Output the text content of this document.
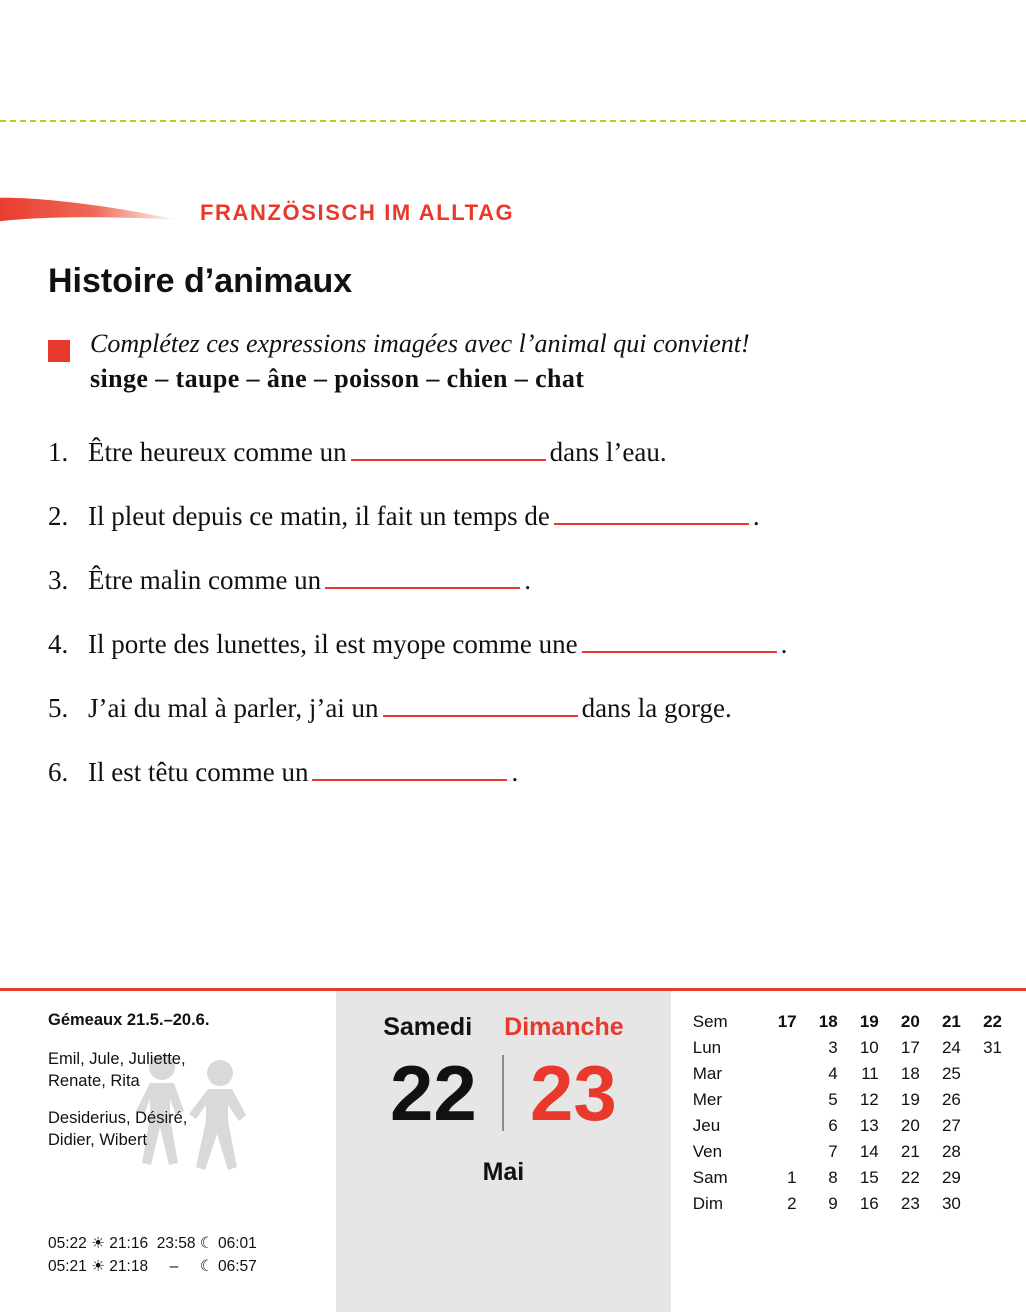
FRANZÖSISCH IM ALLTAG
Histoire d’animaux
Complétez ces expressions imagées avec l’animal qui convient!
singe – taupe – âne – poisson – chien – chat
1. Être heureux comme un	dans l’eau.
2. Il pleut depuis ce matin, il fait un temps de	.
3. Être malin comme un	.
4. Il porte des lunettes, il est myope comme une	.
5. J’ai du mal à parler, j’ai un	dans la gorge.
6. Il est têtu comme un	.
Gémeaux 21.5.–20.6.
Emil, Jule, Juliette,
Renate, Rita
Desiderius, Désiré,
Didier, Wibert
05:22 ☀ 21:16  23:58 ☾ 06:01
05:21 ☀ 21:18     –     ☾ 06:57
Samedi Dimanche
22 23
Mai
Sem	17	18	19	20	21	22
Lun		3	10	17	24	31
Mar		4	11	18	25	
Mer		5	12	19	26	
Jeu		6	13	20	27	
Ven		7	14	21	28	
Sam	1	8	15	22	29	
Dim	2	9	16	23	30	
